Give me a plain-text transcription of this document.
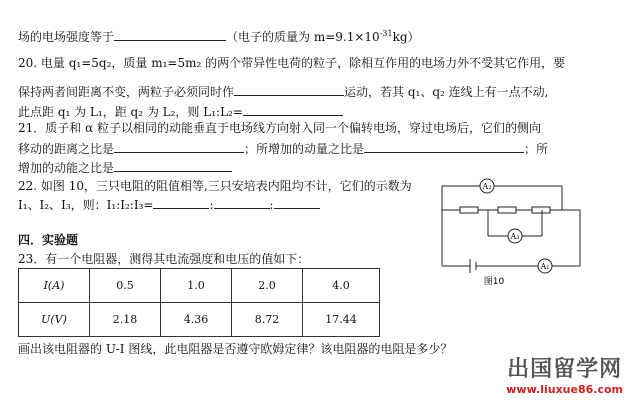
场的电场强度等于	（电子的质量为 $m=9.1\times 10^{-31}kg$）
20. 电量 q₁=5q₂，质量 m₁=5m₂ 的两个带异性电荷的粒子，除相互作用的电场力外不受其它作用，要
保持两者间距离不变，两粒子必须同时作	运动，若其 q₁、q₂ 连线上有一点不动,
此点距 q₁ 为 L₁，距 q₂ 为 L₂，则 L₁:L₂=
21．质子和 α 粒子以相同的动能垂直于电场线方向射入同一个偏转电场，穿过电场后，它们的侧向
移动的距离之比是	；所增加的动量之比是	；所
增加的动能之比是
22. 如图 10，三只电阻的阻值相等,三只安培表内阻均不计，它们的示数为
I₁、I₂、I₃，则：I₁:I₂:I₃=	:	:
四．实验题
23．有一个电阻器，测得其电流强度和电压的值如下：
I(A)	0.5	1.0	2.0	4.0
U(V)	2.18	4.36	8.72	17.44
画出该电阻器的 U-I 图线，此电阻器是否遵守欧姆定律？该电阻器的电阻是多少？
A₂
A₃
A₁
图10
出国留学网
www.liuxue86.com
